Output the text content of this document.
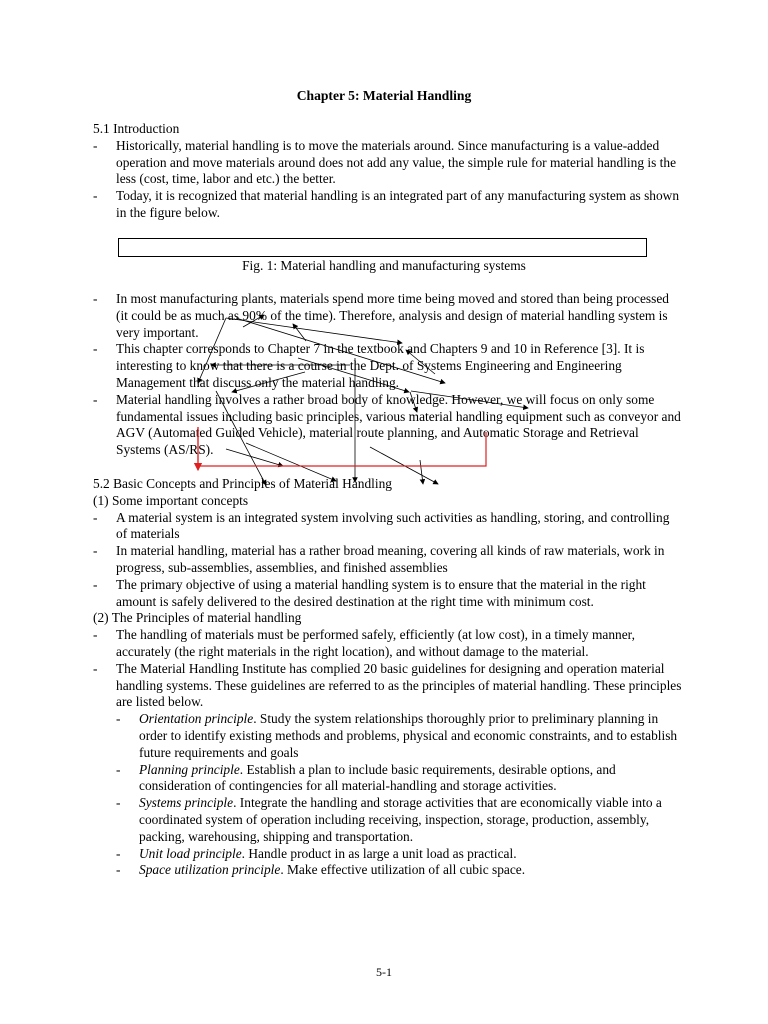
Chapter 5: Material Handling

5.1 Introduction

-	Historically, material handling is to move the materials around. Since manufacturing is a value-added operation and move materials around does not add any value, the simple rule for material handling is the less (cost, time, labor and etc.) the better.
-	Today, it is recognized that material handling is an integrated part of any manufacturing system as shown in the figure below.
Fig. 1: Material handling and manufacturing systems
-	In most manufacturing plants, materials spend more time being moved and stored than being processed (it could be as much as 90% of the time). Therefore, analysis and design of material handling system is very important.
-	This chapter corresponds to Chapter 7 in the textbook and Chapters 9 and 10 in Reference [3]. It is interesting to know that there is a course in the Dept. of Systems Engineering and Engineering Management that discuss only the material handling.
-	Material handling involves a rather broad body of knowledge. However, we will focus on only some fundamental issues including basic principles, various material handling equipment such as conveyor and AGV (Automated Guided Vehicle), material route planning, and Automatic Storage and Retrieval Systems (AS/RS).

5.2 Basic Concepts and Principles of Material Handling

(1) Some important concepts

-	A material system is an integrated system involving such activities as handling, storing, and controlling of materials
-	In material handling, material has a rather broad meaning, covering all kinds of raw materials, work in progress, sub-assemblies, assemblies, and finished assemblies
-	The primary objective of using a material handling system is to ensure that the material in the right amount is safely delivered to the desired destination at the right time with minimum cost.

(2) The Principles of material handling

-	The handling of materials must be performed safely, efficiently (at low cost), in a timely manner, accurately (the right materials in the right location), and without damage to the material.
-	The Material Handling Institute has complied 20 basic guidelines for designing and operation material handling systems. These guidelines are referred to as the principles of material handling. These principles are listed below.
-	Orientation principle. Study the system relationships thoroughly prior to preliminary planning in order to identify existing methods and problems, physical and economic constraints, and to establish future requirements and goals
-	Planning principle. Establish a plan to include basic requirements, desirable options, and consideration of contingencies for all material-handling and storage activities.
-	Systems principle. Integrate the handling and storage activities that are economically viable into a coordinated system of operation including receiving, inspection, storage, production, assembly, packing, warehousing, shipping and transportation.
-	Unit load principle. Handle product in as large a unit load as practical.
-	Space utilization principle. Make effective utilization of all cubic space.
5-1
